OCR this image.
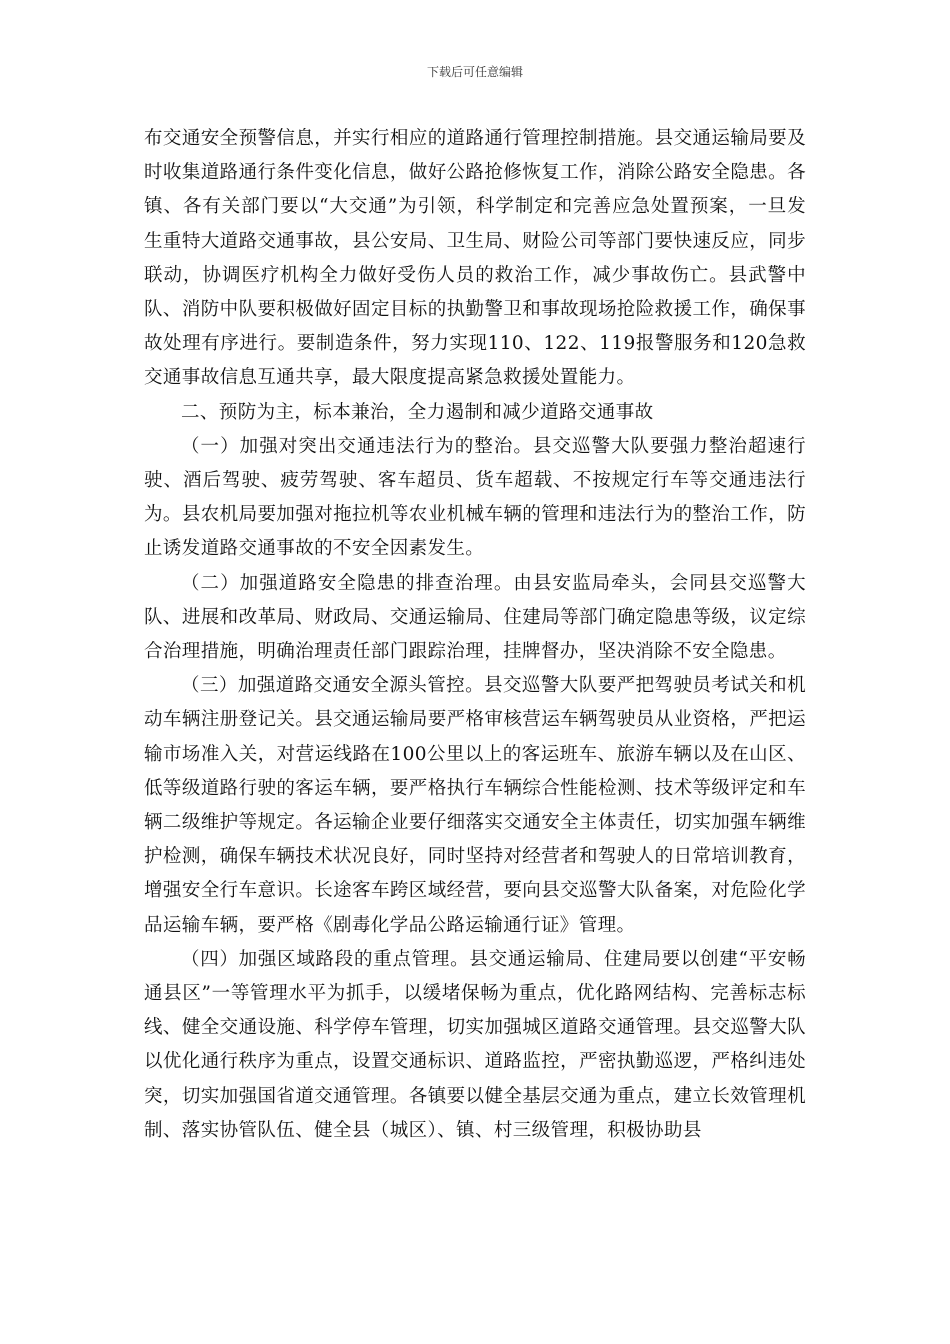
下载后可任意编辑

布交通安全预警信息，并实行相应的道路通行管理控制措施。县交通运输局要及时收集道路通行条件变化信息，做好公路抢修恢复工作，消除公路安全隐患。各镇、各有关部门要以“大交通”为引领，科学制定和完善应急处置预案，一旦发生重特大道路交通事故，县公安局、卫生局、财险公司等部门要快速反应，同步联动，协调医疗机构全力做好受伤人员的救治工作，减少事故伤亡。县武警中队、消防中队要积极做好固定目标的执勤警卫和事故现场抢险救援工作，确保事故处理有序进行。要制造条件，努力实现110、122、119报警服务和120急救交通事故信息互通共享，最大限度提高紧急救援处置能力。

二、预防为主，标本兼治，全力遏制和减少道路交通事故

（一）加强对突出交通违法行为的整治。县交巡警大队要强力整治超速行驶、酒后驾驶、疲劳驾驶、客车超员、货车超载、不按规定行车等交通违法行为。县农机局要加强对拖拉机等农业机械车辆的管理和违法行为的整治工作，防止诱发道路交通事故的不安全因素发生。

（二）加强道路安全隐患的排查治理。由县安监局牵头，会同县交巡警大队、进展和改革局、财政局、交通运输局、住建局等部门确定隐患等级，议定综合治理措施，明确治理责任部门跟踪治理，挂牌督办，坚决消除不安全隐患。

（三）加强道路交通安全源头管控。县交巡警大队要严把驾驶员考试关和机动车辆注册登记关。县交通运输局要严格审核营运车辆驾驶员从业资格，严把运输市场准入关，对营运线路在100公里以上的客运班车、旅游车辆以及在山区、低等级道路行驶的客运车辆，要严格执行车辆综合性能检测、技术等级评定和车辆二级维护等规定。各运输企业要仔细落实交通安全主体责任，切实加强车辆维护检测，确保车辆技术状况良好，同时坚持对经营者和驾驶人的日常培训教育，增强安全行车意识。长途客车跨区域经营，要向县交巡警大队备案，对危险化学品运输车辆，要严格《剧毒化学品公路运输通行证》管理。

（四）加强区域路段的重点管理。县交通运输局、住建局要以创建“平安畅通县区”一等管理水平为抓手，以缓堵保畅为重点，优化路网结构、完善标志标线、健全交通设施、科学停车管理，切实加强城区道路交通管理。县交巡警大队以优化通行秩序为重点，设置交通标识、道路监控，严密执勤巡逻，严格纠违处突，切实加强国省道交通管理。各镇要以健全基层交通为重点，建立长效管理机制、落实协管队伍、健全县（城区）、镇、村三级管理，积极协助县
